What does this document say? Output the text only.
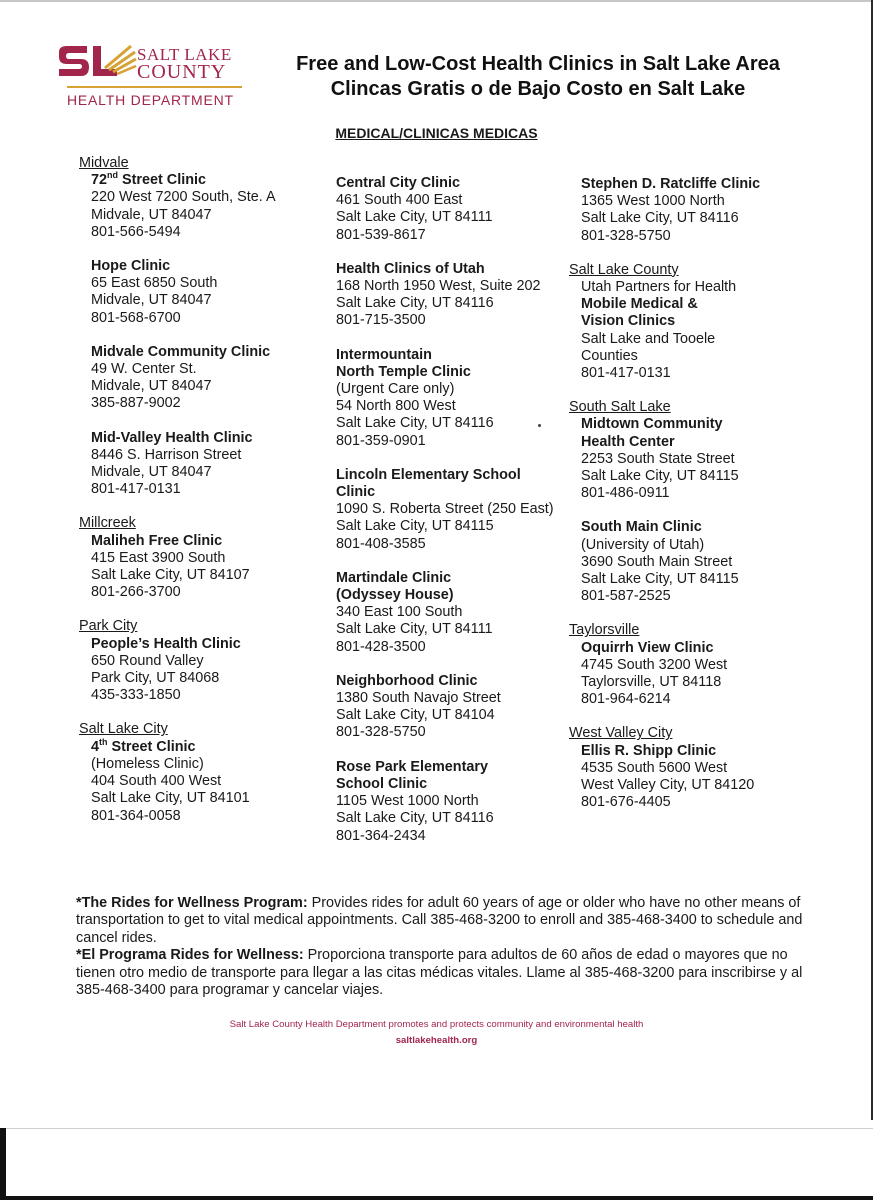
SALT LAKE
COUNTY
HEALTH DEPARTMENT
Free and Low-Cost Health Clinics in Salt Lake Area
Clincas Gratis o de Bajo Costo en Salt Lake
MEDICAL/CLINICAS MEDICAS
Midvale
72nd Street Clinic
220 West 7200 South, Ste. A
Midvale, UT 84047
801-566-5494
Hope Clinic
65 East 6850 South
Midvale, UT 84047
801-568-6700
Midvale Community Clinic
49 W. Center St.
Midvale, UT 84047
385-887-9002
Mid-Valley Health Clinic
8446 S. Harrison Street
Midvale, UT 84047
801-417-0131
Millcreek
Maliheh Free Clinic
415 East 3900 South
Salt Lake City, UT 84107
801-266-3700
Park City
People’s Health Clinic
650 Round Valley
Park City, UT 84068
435-333-1850
Salt Lake City
4th Street Clinic
(Homeless Clinic)
404 South 400 West
Salt Lake City, UT 84101
801-364-0058
Central City Clinic
461 South 400 East
Salt Lake City, UT 84111
801-539-8617
Health Clinics of Utah
168 North 1950 West, Suite 202
Salt Lake City, UT 84116
801-715-3500
Intermountain
North Temple Clinic
(Urgent Care only)
54 North 800 West
Salt Lake City, UT 84116
801-359-0901
Lincoln Elementary School Clinic
1090 S. Roberta Street (250 East)
Salt Lake City, UT 84115
801-408-3585
Martindale Clinic
(Odyssey House)
340 East 100 South
Salt Lake City, UT 84111
801-428-3500
Neighborhood Clinic
1380 South Navajo Street
Salt Lake City, UT 84104
801-328-5750
Rose Park Elementary
School Clinic
1105 West 1000 North
Salt Lake City, UT 84116
801-364-2434
Stephen D. Ratcliffe Clinic
1365 West 1000 North
Salt Lake City, UT 84116
801-328-5750
Salt Lake County
Utah Partners for Health
Mobile Medical &
Vision Clinics
Salt Lake and Tooele
Counties
801-417-0131
South Salt Lake
Midtown Community
Health Center
2253 South State Street
Salt Lake City, UT 84115
801-486-0911
South Main Clinic
(University of Utah)
3690 South Main Street
Salt Lake City, UT 84115
801-587-2525
Taylorsville
Oquirrh View Clinic
4745 South 3200 West
Taylorsville, UT 84118
801-964-6214
West Valley City
Ellis R. Shipp Clinic
4535 South 5600 West
West Valley City, UT 84120
801-676-4405
*The Rides for Wellness Program: Provides rides for adult 60 years of age or older who have no other means of transportation to get to vital medical appointments. Call 385-468-3200 to enroll and 385-468-3400 to schedule and cancel rides.
*El Programa Rides for Wellness: Proporciona transporte para adultos de 60 años de edad o mayores que no tienen otro medio de transporte para llegar a las citas médicas vitales. Llame al 385-468-3200 para inscribirse y al 385-468-3400 para programar y cancelar viajes.
Salt Lake County Health Department promotes and protects community and environmental health
saltlakehealth.org
